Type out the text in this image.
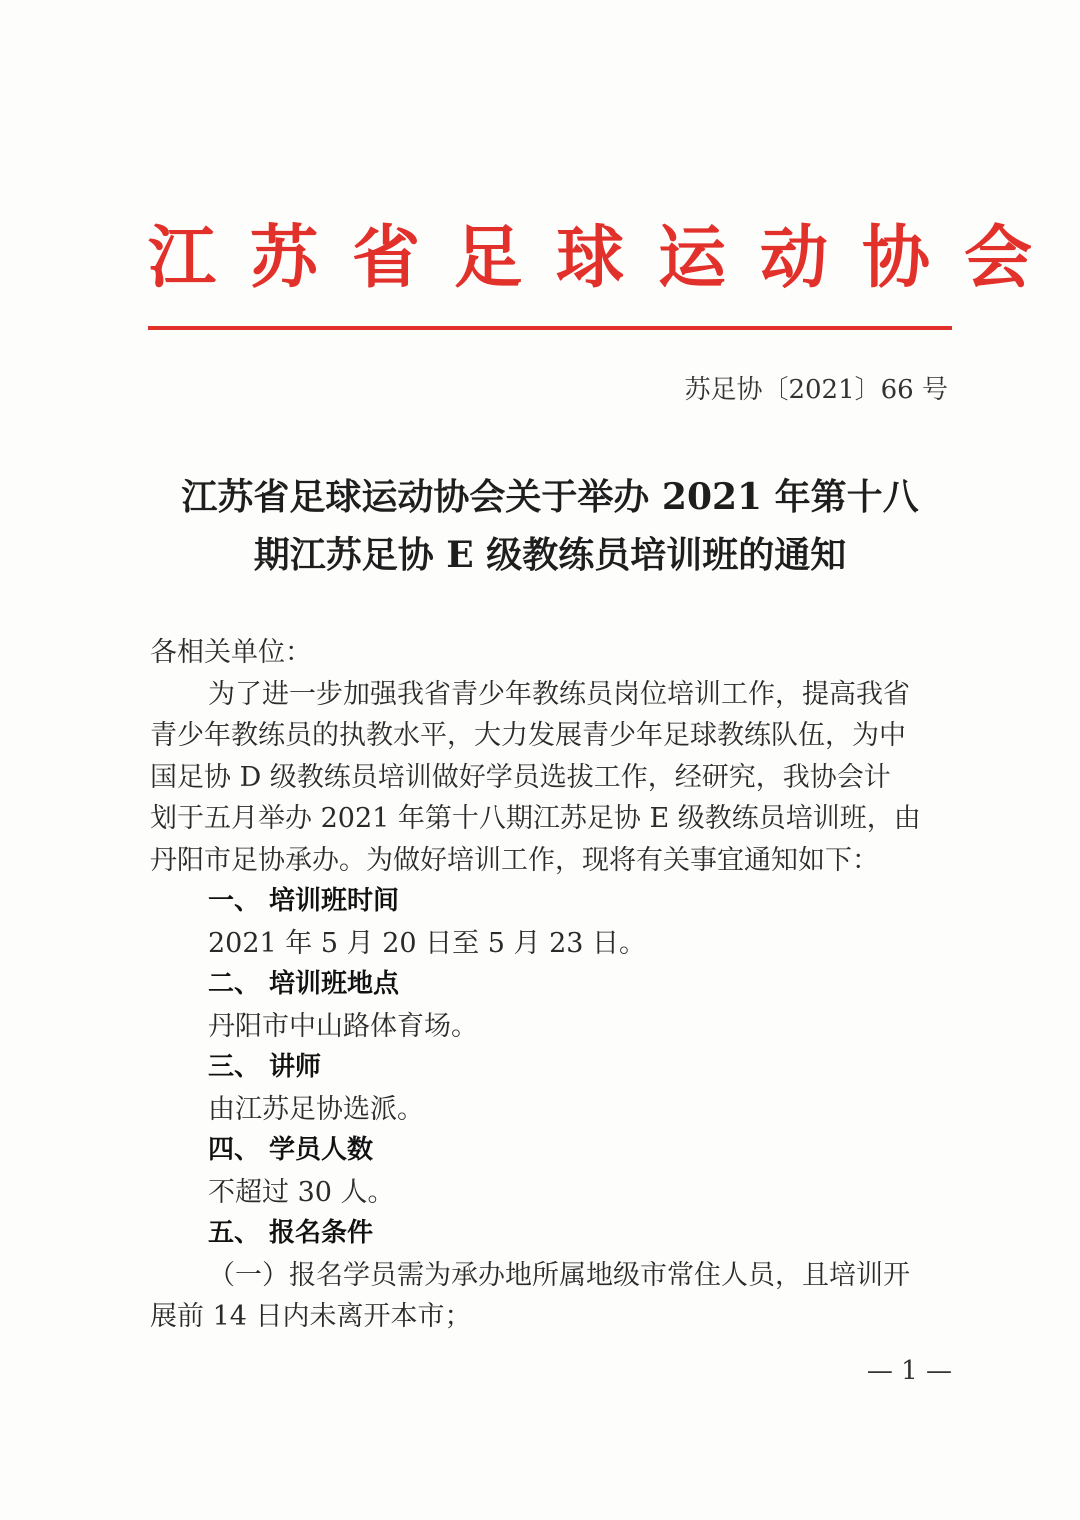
江苏省足球运动协会
苏足协〔2021〕66 号
江苏省足球运动协会关于举办 2021 年第十八
期江苏足协 E 级教练员培训班的通知
各相关单位：
为了进一步加强我省青少年教练员岗位培训工作，提高我省
青少年教练员的执教水平，大力发展青少年足球教练队伍，为中
国足协 D 级教练员培训做好学员选拔工作，经研究，我协会计
划于五月举办 2021 年第十八期江苏足协 E 级教练员培训班，由
丹阳市足协承办。为做好培训工作，现将有关事宜通知如下：
一、 培训班时间
2021 年 5 月 20 日至 5 月 23 日。
二、 培训班地点
丹阳市中山路体育场。
三、 讲师
由江苏足协选派。
四、 学员人数
不超过 30 人。
五、 报名条件
（一）报名学员需为承办地所属地级市常住人员，且培训开
展前 14 日内未离开本市；
— 1 —
